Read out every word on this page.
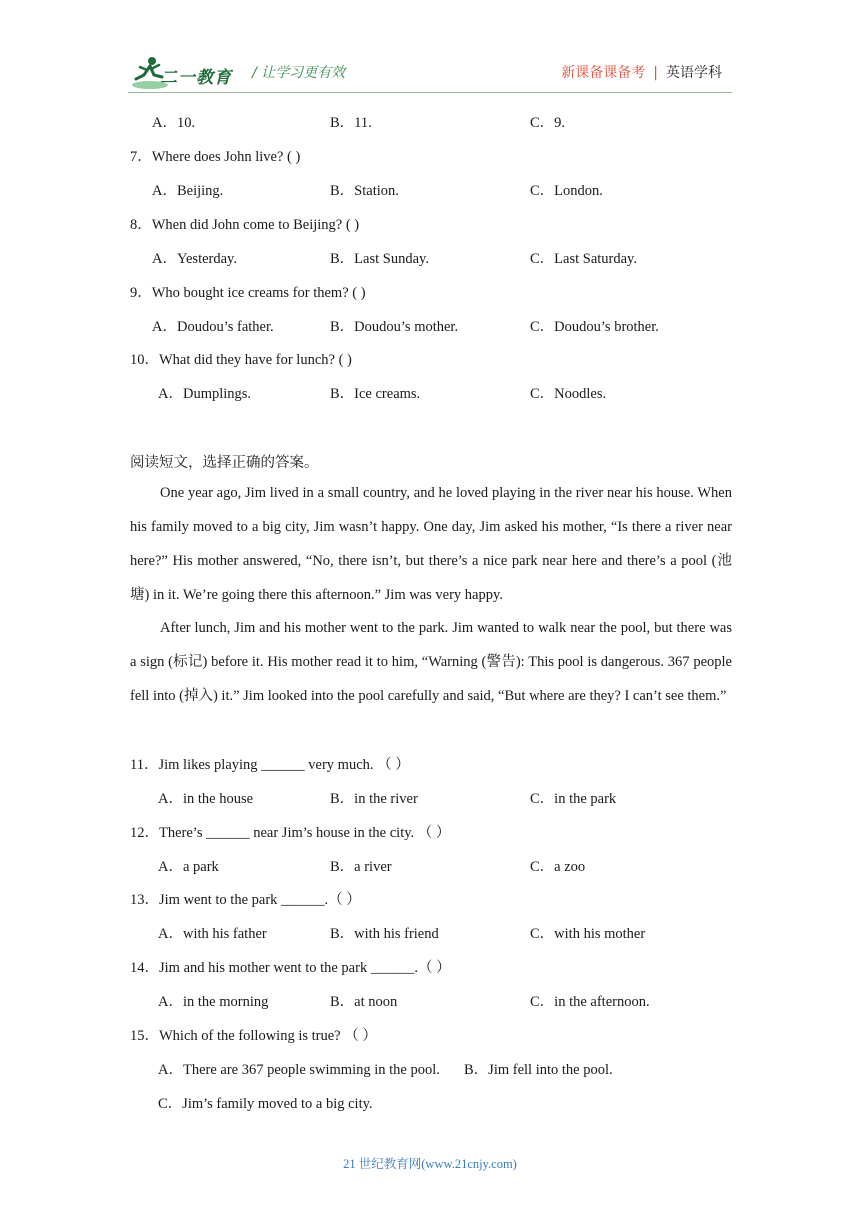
二一教育 / 让学习更有效	新课备课备考 | 英语学科
A．10.	B．11.	C．9.
7．Where does John live? ( )
A．Beijing.	B．Station.	C．London.
8．When did John come to Beijing? ( )
A．Yesterday.	B．Last Sunday.	C．Last Saturday.
9．Who bought ice creams for them? ( )
A．Doudou’s father.	B．Doudou’s mother.	C．Doudou’s brother.
10．What did they have for lunch? ( )
A．Dumplings.	B．Ice creams.	C．Noodles.
阅读短文，选择正确的答案。

One year ago, Jim lived in a small country, and he loved playing in the river near his house. When his family moved to a big city, Jim wasn’t happy. One day, Jim asked his mother, “Is there a river near here?” His mother answered, “No, there isn’t, but there’s a nice park near here and there’s a pool (池塘) in it. We’re going there this afternoon.” Jim was very happy.

After lunch, Jim and his mother went to the park. Jim wanted to walk near the pool, but there was a sign (标记) before it. His mother read it to him, “Warning (警告): This pool is dangerous. 367 people fell into (掉入) it.” Jim looked into the pool carefully and said, “But where are they? I can’t see them.”

11．Jim likes playing ______ very much. （ ）
A．in the house	B．in the river	C．in the park
12．There’s ______ near Jim’s house in the city. （ ）
A．a park	B．a river	C．a zoo
13．Jim went to the park ______.（ ）
A．with his father	B．with his friend	C．with his mother
14．Jim and his mother went to the park ______.（ ）
A．in the morning	B．at noon	C．in the afternoon.
15．Which of the following is true? （ ）
A．There are 367 people swimming in the pool. B．Jim fell into the pool.
C．Jim’s family moved to a big city.
21 世纪教育网(www.21cnjy.com)
